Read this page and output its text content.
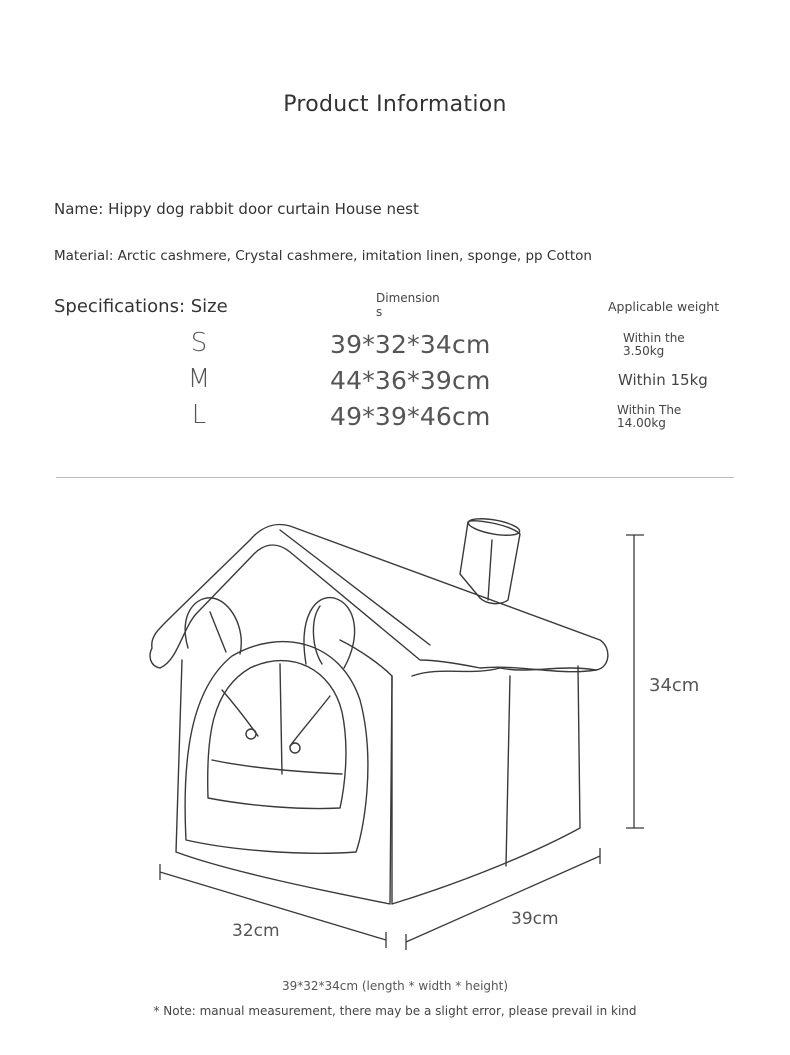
Product Information
Name: Hippy dog rabbit door curtain House nest
Material: Arctic cashmere, Crystal cashmere, imitation linen, sponge, pp Cotton
Specifications: Size	Dimensions	Applicable weight
S	39*32*34cm	Within the 3.50kg
M	44*36*39cm	Within 15kg
L	49*39*46cm	Within The 14.00kg
34cm
32cm
39cm
39*32*34cm (length * width * height)
* Note: manual measurement, there may be a slight error, please prevail in kind
